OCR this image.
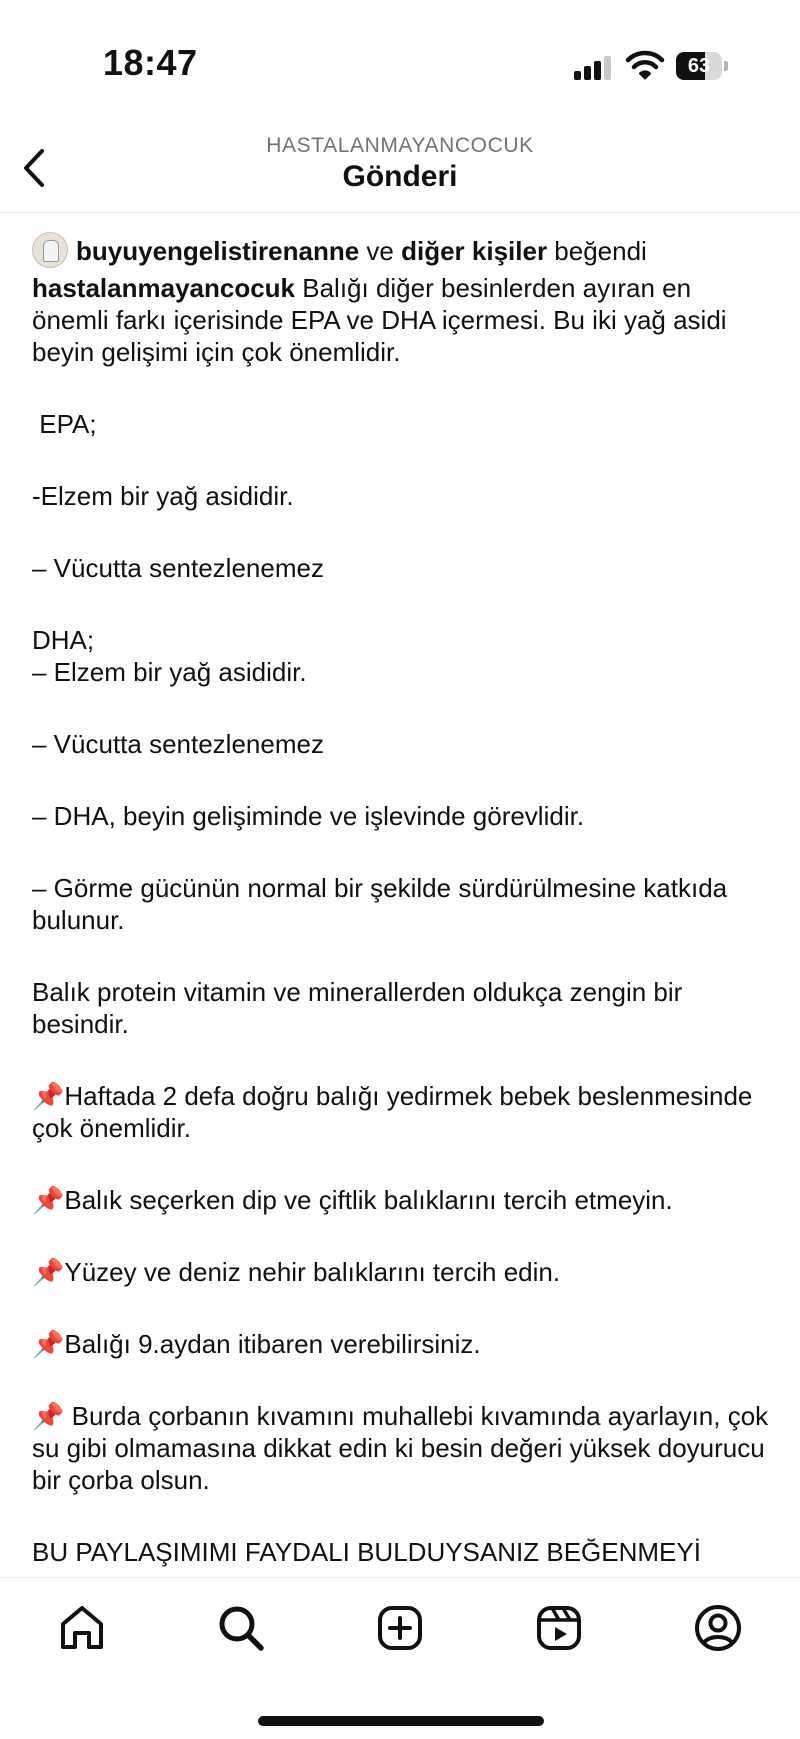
18:47	63
HASTALANMAYANCOCUK
Gönderi
buyuyengelistirenanne ve diğer kişiler beğendi

hastalanmayancocuk Balığı diğer besinlerden ayıran en önemli farkı içerisinde EPA ve DHA içermesi. Bu iki yağ asidi beyin gelişimi için çok önemlidir.

EPA;

-Elzem bir yağ asididir.

– Vücutta sentezlenemez

DHA;

– Elzem bir yağ asididir.

– Vücutta sentezlenemez

– DHA, beyin gelişiminde ve işlevinde görevlidir.

– Görme gücünün normal bir şekilde sürdürülmesine katkıda bulunur.

Balık protein vitamin ve minerallerden oldukça zengin bir besindir.

📌Haftada 2 defa doğru balığı yedirmek bebek beslenmesinde çok önemlidir.

📌Balık seçerken dip ve çiftlik balıklarını tercih etmeyin.

📌Yüzey ve deniz nehir balıklarını tercih edin.

📌Balığı 9.aydan itibaren verebilirsiniz.

📌 Burda çorbanın kıvamını muhallebi kıvamında ayarlayın, çok su gibi olmamasına dikkat edin ki besin değeri yüksek doyurucu bir çorba olsun.

BU PAYLAŞIMIMI FAYDALI BULDUYSANIZ BEĞENMEYİ
